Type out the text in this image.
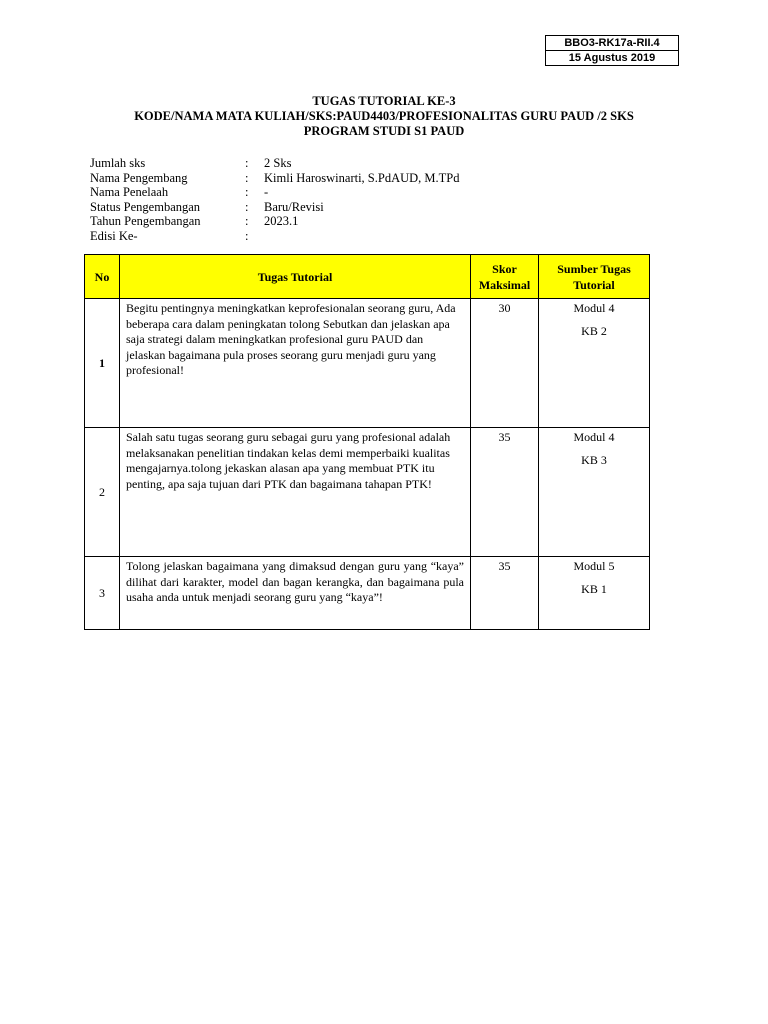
BBO3-RK17a-RII.4
15 Agustus 2019
TUGAS TUTORIAL KE-3
KODE/NAMA MATA KULIAH/SKS:PAUD4403/PROFESIONALITAS GURU PAUD /2 SKS
PROGRAM STUDI S1 PAUD
Jumlah sks	:	2 Sks
Nama Pengembang	:	Kimli Haroswinarti, S.PdAUD, M.TPd
Nama Penelaah	:	-
Status Pengembangan	:	Baru/Revisi
Tahun Pengembangan	:	2023.1
Edisi Ke-	:
No	Tugas Tutorial	Skor Maksimal	Sumber Tugas Tutorial
1	Begitu pentingnya meningkatkan keprofesionalan seorang guru, Ada beberapa cara dalam peningkatan tolong Sebutkan dan jelaskan apa saja strategi dalam meningkatkan profesional guru PAUD dan jelaskan bagaimana pula proses seorang guru menjadi guru yang profesional!	30	Modul 4
KB 2

2	Salah satu tugas seorang guru sebagai guru yang profesional adalah melaksanakan penelitian tindakan kelas demi memperbaiki kualitas mengajarnya.tolong jekaskan alasan apa yang membuat PTK itu penting, apa saja tujuan dari PTK dan bagaimana tahapan PTK!	35	Modul 4
KB 3

3	Tolong jelaskan bagaimana yang dimaksud dengan guru yang “kaya” dilihat dari karakter, model dan bagan kerangka, dan bagaimana pula usaha anda untuk menjadi seorang guru yang “kaya”!	35	Modul 5
KB 1
